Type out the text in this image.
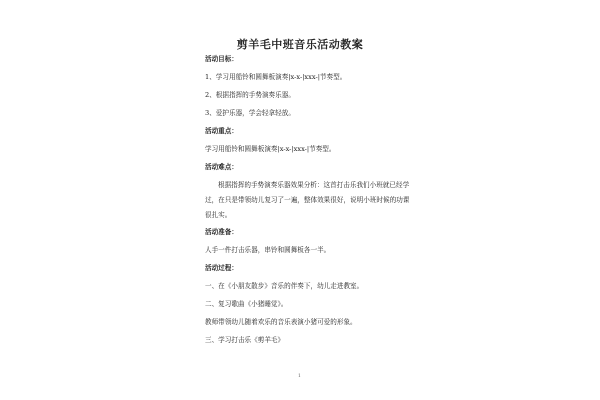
剪羊毛中班音乐活动教案
活动目标：
1、学习用船铃和圆舞板演奏|x-x-|xxx-|节奏型。
2、根据指挥的手势演奏乐器。
3、爱护乐器，学会轻拿轻放。
活动重点：
学习用船铃和圆舞板演奏|x-x-|xxx-|节奏型。
活动难点：
根据指挥的手势演奏乐器效果分析：这首打击乐我们小班就已经学
过，在只是带领幼儿复习了一遍，整体效果很好，说明小班时候的功课
很扎实。
活动准备：
人手一件打击乐器，串铃和圆舞板各一半。
活动过程：
一、在《小朋友散步》音乐的伴奏下，幼儿走进教室。
二、复习歌曲《小猪睡觉》。
教师带领幼儿随着欢乐的音乐表演小猪可爱的形象。
三、学习打击乐《剪羊毛》
1
